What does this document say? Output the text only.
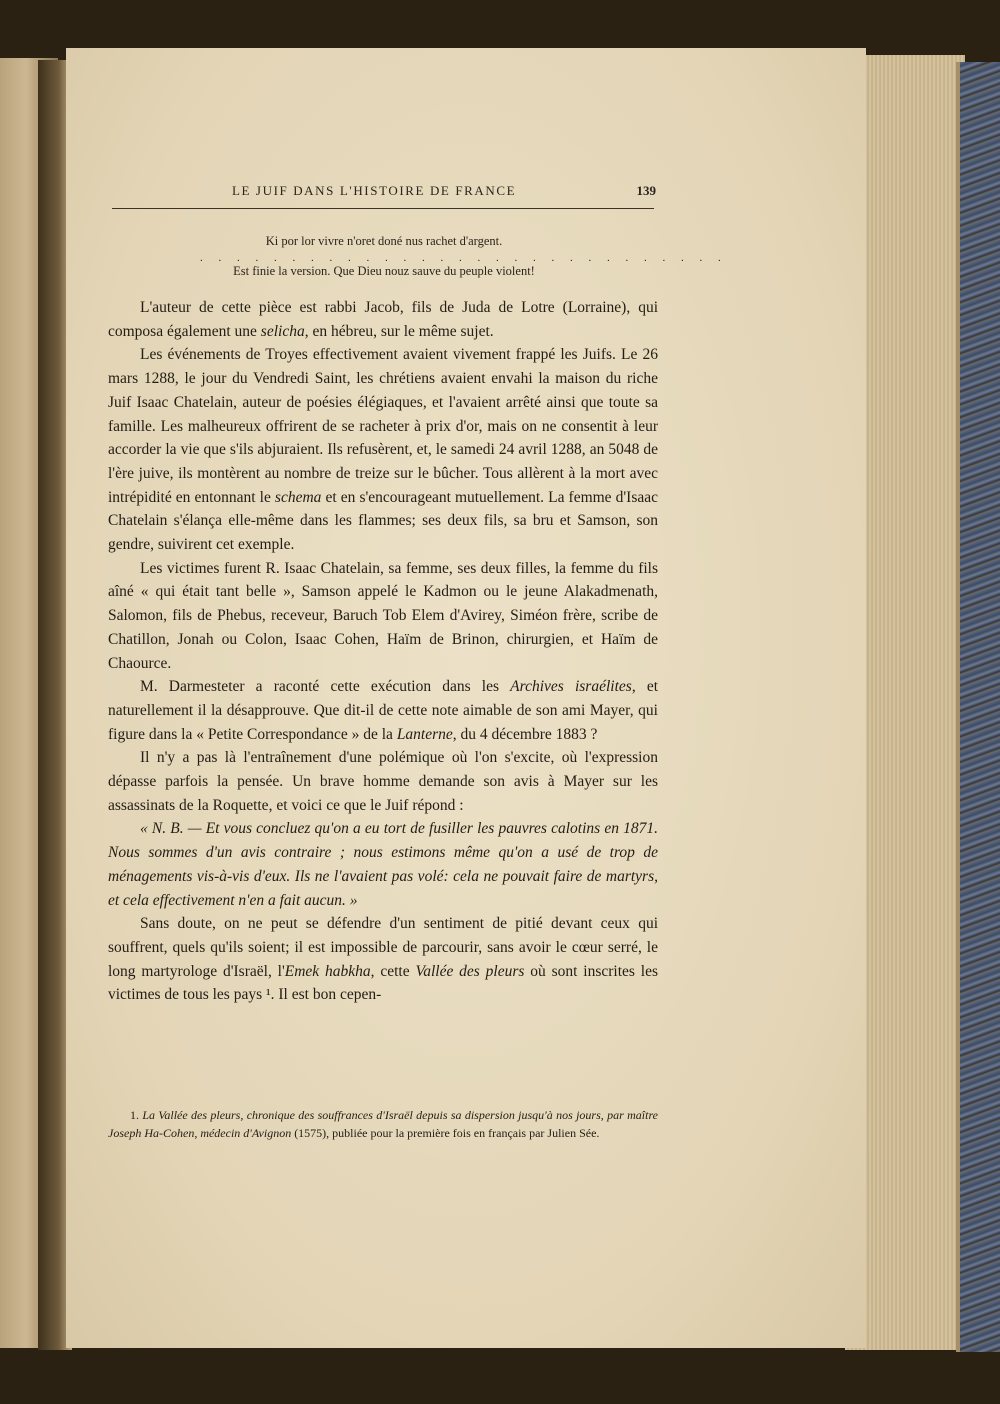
LE JUIF DANS L'HISTOIRE DE FRANCE	139
Ki por lor vivre n'oret doné nus rachet d'argent.
. . . . . . . . . . . . . . . . . . . . . . . . . . . . .
Est finie la version. Que Dieu nouz sauve du peuple violent!

L'auteur de cette pièce est rabbi Jacob, fils de Juda de Lotre (Lorraine), qui composa également une selicha, en hébreu, sur le même sujet.

Les événements de Troyes effectivement avaient vivement frappé les Juifs. Le 26 mars 1288, le jour du Vendredi Saint, les chrétiens avaient envahi la maison du riche Juif Isaac Chatelain, auteur de poésies élégiaques, et l'avaient arrêté ainsi que toute sa famille. Les malheureux offrirent de se racheter à prix d'or, mais on ne consentit à leur accorder la vie que s'ils abjuraient. Ils refusèrent, et, le samedi 24 avril 1288, an 5048 de l'ère juive, ils montèrent au nombre de treize sur le bûcher. Tous allèrent à la mort avec intrépidité en entonnant le schema et en s'encourageant mutuellement. La femme d'Isaac Chatelain s'élança elle-même dans les flammes; ses deux fils, sa bru et Samson, son gendre, suivirent cet exemple.

Les victimes furent R. Isaac Chatelain, sa femme, ses deux filles, la femme du fils aîné « qui était tant belle », Samson appelé le Kadmon ou le jeune Alakadmenath, Salomon, fils de Phebus, receveur, Baruch Tob Elem d'Avirey, Siméon frère, scribe de Chatillon, Jonah ou Colon, Isaac Cohen, Haïm de Brinon, chirurgien, et Haïm de Chaource.

M. Darmesteter a raconté cette exécution dans les Archives israélites, et naturellement il la désapprouve. Que dit-il de cette note aimable de son ami Mayer, qui figure dans la « Petite Correspondance » de la Lanterne, du 4 décembre 1883 ?

Il n'y a pas là l'entraînement d'une polémique où l'on s'excite, où l'expression dépasse parfois la pensée. Un brave homme demande son avis à Mayer sur les assassinats de la Roquette, et voici ce que le Juif répond :

« N. B. — Et vous concluez qu'on a eu tort de fusiller les pauvres calotins en 1871. Nous sommes d'un avis contraire ; nous estimons même qu'on a usé de trop de ménagements vis-à-vis d'eux. Ils ne l'avaient pas volé: cela ne pouvait faire de martyrs, et cela effectivement n'en a fait aucun. »

Sans doute, on ne peut se défendre d'un sentiment de pitié devant ceux qui souffrent, quels qu'ils soient; il est impossible de parcourir, sans avoir le cœur serré, le long martyrologe d'Israël, l'Emek habkha, cette Vallée des pleurs où sont inscrites les victimes de tous les pays ¹. Il est bon cepen-

1. La Vallée des pleurs, chronique des souffrances d'Israël depuis sa dispersion jusqu'à nos jours, par maître Joseph Ha-Cohen, médecin d'Avignon (1575), publiée pour la première fois en français par Julien Sée.
